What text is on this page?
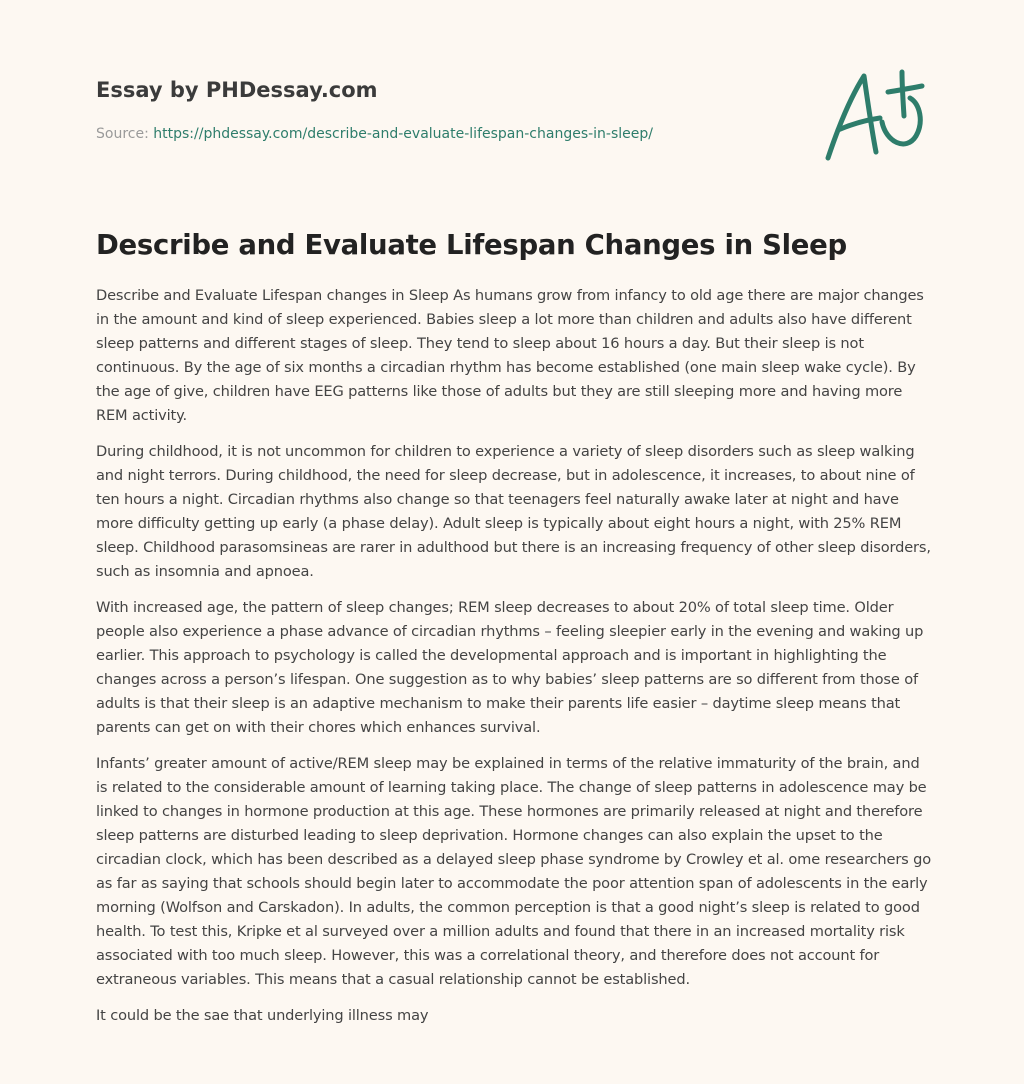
Essay by PHDessay.com
Source: https://phdessay.com/describe-and-evaluate-lifespan-changes-in-sleep/
Describe and Evaluate Lifespan Changes in Sleep

Describe and Evaluate Lifespan changes in Sleep As humans grow from infancy to old age there are major changes in the amount and kind of sleep experienced. Babies sleep a lot more than children and adults also have different sleep patterns and different stages of sleep. They tend to sleep about 16 hours a day. But their sleep is not continuous. By the age of six months a circadian rhythm has become established (one main sleep wake cycle). By the age of give, children have EEG patterns like those of adults but they are still sleeping more and having more REM activity.

During childhood, it is not uncommon for children to experience a variety of sleep disorders such as sleep walking and night terrors. During childhood, the need for sleep decrease, but in adolescence, it increases, to about nine of ten hours a night. Circadian rhythms also change so that teenagers feel naturally awake later at night and have more difficulty getting up early (a phase delay). Adult sleep is typically about eight hours a night, with 25% REM sleep. Childhood parasomsineas are rarer in adulthood but there is an increasing frequency of other sleep disorders, such as insomnia and apnoea.

With increased age, the pattern of sleep changes; REM sleep decreases to about 20% of total sleep time. Older people also experience a phase advance of circadian rhythms – feeling sleepier early in the evening and waking up earlier. This approach to psychology is called the developmental approach and is important in highlighting the changes across a person’s lifespan. One suggestion as to why babies’ sleep patterns are so different from those of adults is that their sleep is an adaptive mechanism to make their parents life easier – daytime sleep means that parents can get on with their chores which enhances survival.

Infants’ greater amount of active/REM sleep may be explained in terms of the relative immaturity of the brain, and is related to the considerable amount of learning taking place. The change of sleep patterns in adolescence may be linked to changes in hormone production at this age. These hormones are primarily released at night and therefore sleep patterns are disturbed leading to sleep deprivation. Hormone changes can also explain the upset to the circadian clock, which has been described as a delayed sleep phase syndrome by Crowley et al. ome researchers go as far as saying that schools should begin later to accommodate the poor attention span of adolescents in the early morning (Wolfson and Carskadon). In adults, the common perception is that a good night’s sleep is related to good health. To test this, Kripke et al surveyed over a million adults and found that there in an increased mortality risk associated with too much sleep. However, this was a correlational theory, and therefore does not account for extraneous variables. This means that a casual relationship cannot be established.

It could be the sae that underlying illness may
